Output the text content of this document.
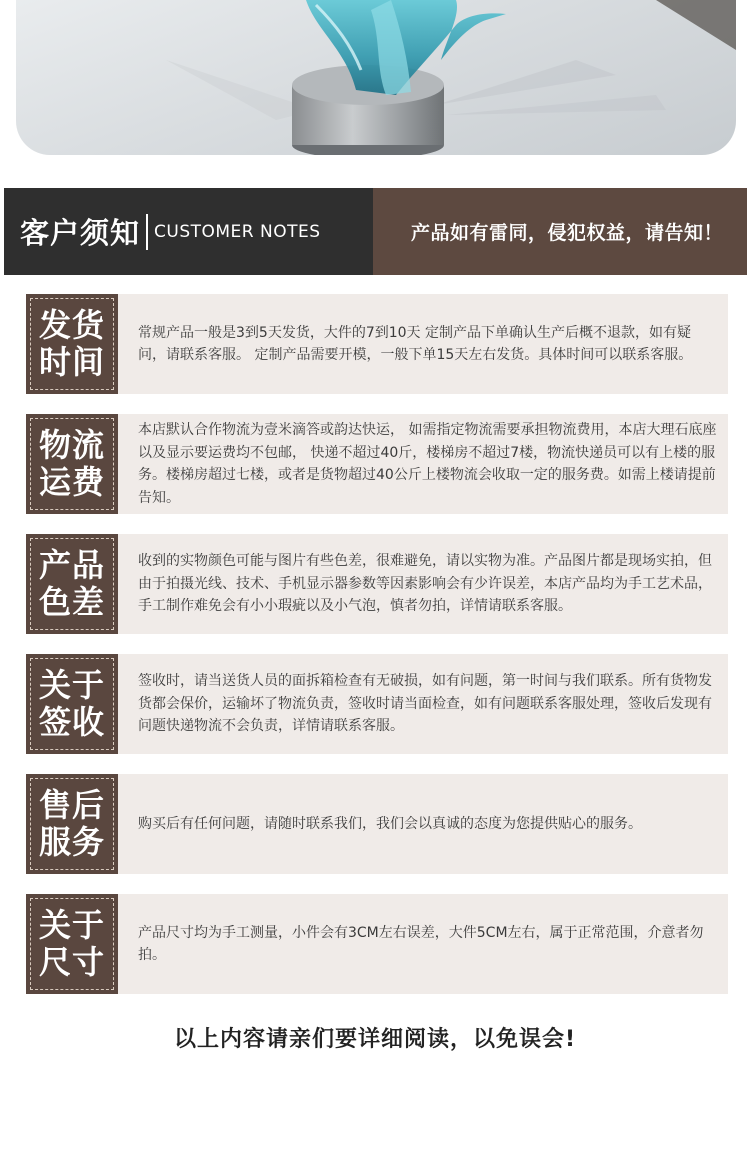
客户须知 CUSTOMER NOTES	产品如有雷同，侵犯权益，请告知！
发货
时间
常规产品一般是3到5天发货，大件的7到10天 定制产品下单确认生产后概不退款，如有疑问，请联系客服。 定制产品需要开模，一般下单15天左右发货。具体时间可以联系客服。
物流
运费
本店默认合作物流为壹米滴答或韵达快运， 如需指定物流需要承担物流费用，本店大理石底座以及显示要运费均不包邮， 快递不超过40斤，楼梯房不超过7楼，物流快递员可以有上楼的服务。楼梯房超过七楼，或者是货物超过40公斤上楼物流会收取一定的服务费。如需上楼请提前告知。
产品
色差
收到的实物颜色可能与图片有些色差，很难避免，请以实物为准。产品图片都是现场实拍，但由于拍摄光线、技术、手机显示器参数等因素影响会有少许误差，本店产品均为手工艺术品，手工制作难免会有小小瑕疵以及小气泡，慎者勿拍，详情请联系客服。
关于
签收
签收时，请当送货人员的面拆箱检查有无破损，如有问题，第一时间与我们联系。所有货物发货都会保价，运输坏了物流负责，签收时请当面检查，如有问题联系客服处理，签收后发现有问题快递物流不会负责，详情请联系客服。
售后
服务	购买后有任何问题，请随时联系我们，我们会以真诚的态度为您提供贴心的服务。
关于
尺寸
产品尺寸均为手工测量，小件会有3CM左右误差，大件5CM左右，属于正常范围，介意者勿拍。
以上内容请亲们要详细阅读，以免误会!
